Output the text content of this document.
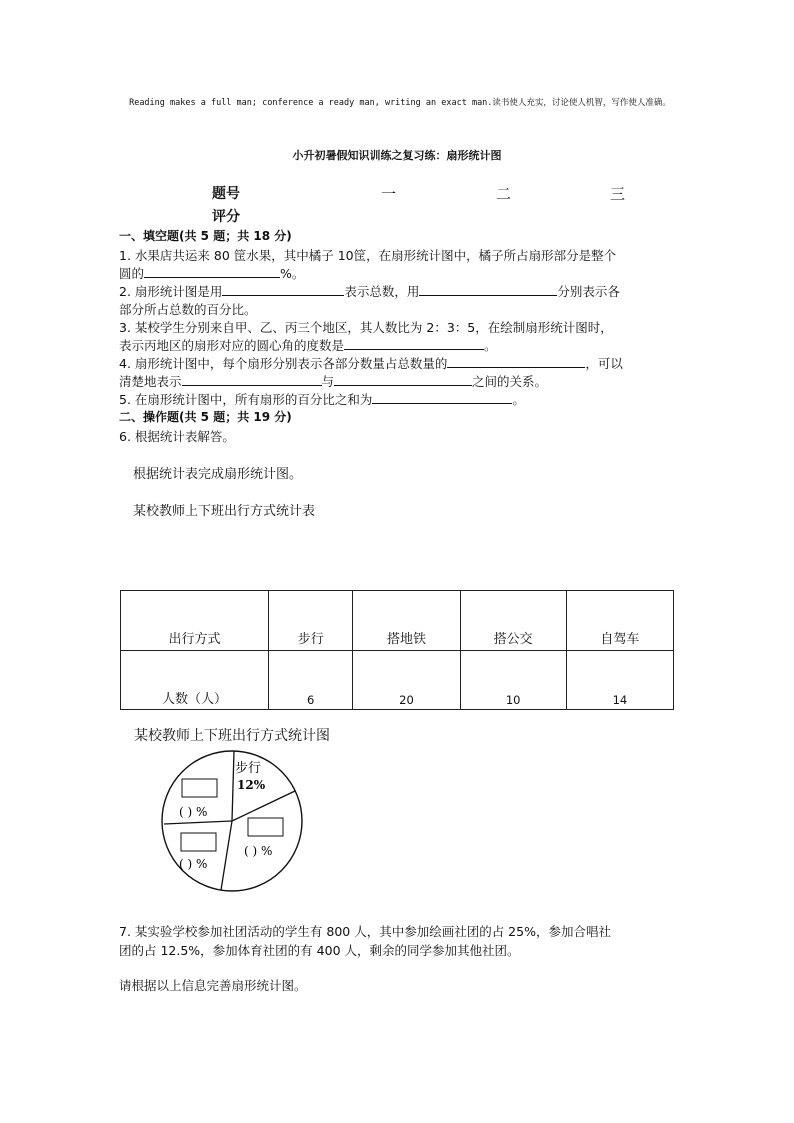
Reading makes a full man; conference a ready man, writing an exact man.读书使人充实，讨论使人机智，写作使人准确。
小升初暑假知识训练之复习练：扇形统计图
题号	一	二	三
评分
一、填空题(共 5 题；共 18 分)
1. 水果店共运来 80 筐水果，其中橘子 10筐，在扇形统计图中，橘子所占扇形部分是整个
圆的	%。
2. 扇形统计图是用	表示总数，用	分别表示各
部分所占总数的百分比。
3. 某校学生分别来自甲、乙、丙三个地区，其人数比为 2：3：5，在绘制扇形统计图时，
表示丙地区的扇形对应的圆心角的度数是	。
4. 扇形统计图中，每个扇形分别表示各部分数量占总数量的	，可以
清楚地表示	与	之间的关系。
5. 在扇形统计图中，所有扇形的百分比之和为	。
二、操作题(共 5 题；共 19 分)
6. 根据统计表解答。
根据统计表完成扇形统计图。
某校教师上下班出行方式统计表
出行方式	步行	搭地铁	搭公交	自驾车
人数（人）	6	20	10	14
某校教师上下班出行方式统计图
步行
12%
( ) %
( ) %
( ) %
7. 某实验学校参加社团活动的学生有 800 人，其中参加绘画社团的占 25%，参加合唱社
团的占 12.5%，参加体育社团的有 400 人，剩余的同学参加其他社团。
请根据以上信息完善扇形统计图。
